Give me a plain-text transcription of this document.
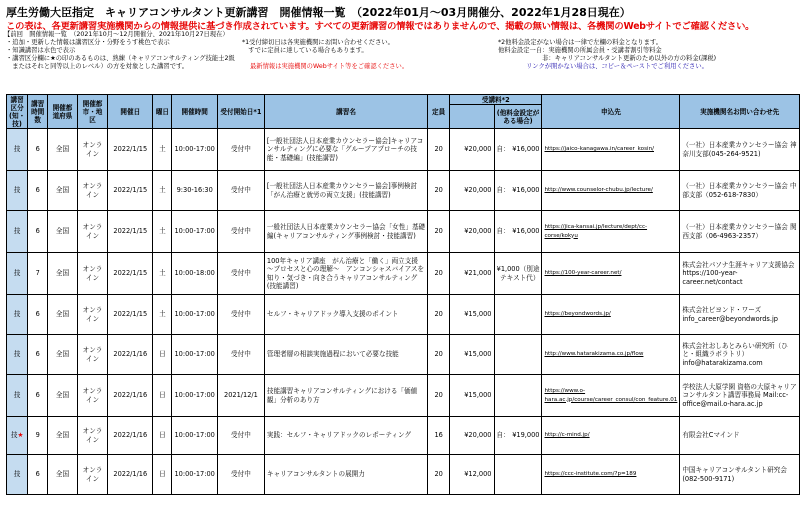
厚生労働大臣指定　キャリアコンサルタント更新講習　開催情報一覧　（2022年01月～03月開催分、2022年1月28日現在）
この表は、各更新講習実施機関からの情報提供に基づき作成されています。すべての更新講習の情報ではありませんので、掲載の無い情報は、各機関のWebサイトでご確認ください。
【前回　開催情報一覧　（2021年10月～12月開催分、2021年10月27日現在）
・追加・更新した情報は講習区分・分野をうす桃色で表示
・知識講習は水色で表示
・講習区分欄に★の印のあるものは、熟練（キャリアコンサルティング技能士2級
　またはそれと同等以上のレベル）の方を対象とした講習です。
*1受付締切日は各実施機関にお問い合わせください。
　すでに定員に達している場合もあります。
最新情報は実施機関のWebサイト等をご確認ください。
*2他料金設定がない場合は一律で左欄の料金となります。
他料金設定一自：実施機関の所属会員・受講者割引等料金
　　　　　　　非：キャリアコンサルタント更新のため以外の方の料金(課税)
リンクが開かない場合は、コピー＆ペーストでご利用ください。
講習区分(知・技)	講習時間数	開催都道府県	開催都市・地区	開催日	曜日	開催時間	受付開始日*1	講習名	定員	受講料*2		申込先	実施機関名お問い合わせ先
											(他料金設定がある場合)		
技	6	全国	オンライン	2022/1/15	土	10:00-17:00	受付中	[一般社団法人日本産業カウンセラー協会]キャリアコンサルティングに必要な「グループアプローチの技能・基礎編」(技能講習)	20	¥20,000	自： ¥16,000	https://jaico-kanagawa.in/career_kosin/	（一社）日本産業カウンセラー協会 神奈川支部(045-264-9521)
技	6	全国	オンライン	2022/1/15	土	9:30-16:30	受付中	[一般社団法人日本産業カウンセラー協会]事例検討「がん治療と就労の両立支援」(技能講習)	20	¥20,000	自： ¥16,000	http://www.counselor-chubu.jp/lecture/	（一社）日本産業カウンセラー協会 中部支部（052-618-7830）
技	6	全国	オンライン	2022/1/15	土	10:00-17:00	受付中	一般社団法人日本産業カウンセラー協会「女性」基礎編(キャリアコンサルティング事例検討・技能講習)	20	¥20,000	自： ¥16,000	https://jica-kansai.jp/lecture/dept/cc-corse/kokyu	（一社）日本産業カウンセラー協会 関西支部（06-4963-2357）
技	7	全国	オンライン	2022/1/15	土	10:00-18:00	受付中	100年キャリア講座　がん治療と「働く」両立支援 ～プロセスと心の理解～　アンコンシャスバイアスを知り・気づき・向き合うキャリアコンサルティング(技能講習)	20	¥21,000	¥1,000（別途テキスト代）	https://100-year-career.net/	株式会社パソナ生涯キャリア支援協会 https://100-year-career.net/contact
技	6	全国	オンライン	2022/1/15	土	10:00-17:00	受付中	セルフ・キャリアドック導入支援のポイント	20	¥15,000		https://beyondwords.jp/	株式会社ビヨンド・ワーズ info_career@beyondwords.jp
技	6	全国	オンライン	2022/1/16	日	10:00-17:00	受付中	管理者層の相談実施過程において必要な技能	20	¥15,000		http://www.hatarakizama.co.jp/flow	株式会社おしあとみらい研究所（ひと・組織ラボラトリ） info@hatarakizama.com
技	6	全国	オンライン	2022/1/16	日	10:00-17:00	2021/12/1	技能講習キャリアコンサルティングにおける「価値観」分析のあり方	20	¥15,000		https://www.o-hara.ac.jp/course/career_consul/con_feature.01	学校法人大原学園 資格の大原キャリアコンサルタント講習事務局 Mail:cc-office@mail.o-hara.ac.jp
技★	9	全国	オンライン	2022/1/16	日	10:00-17:00	受付中	実践：セルフ・キャリアドックのレポーティング	16	¥20,000	自： ¥19,000	http://c-mind.jp/	有限会社Cマインド
技	6	全国	オンライン	2022/1/16	日	10:00-17:00	受付中	キャリアコンサルタントの展開力	20	¥12,000		https://ccc-institute.com/?p=189	中国キャリアコンサルタント研究会 (082-500-9171)
